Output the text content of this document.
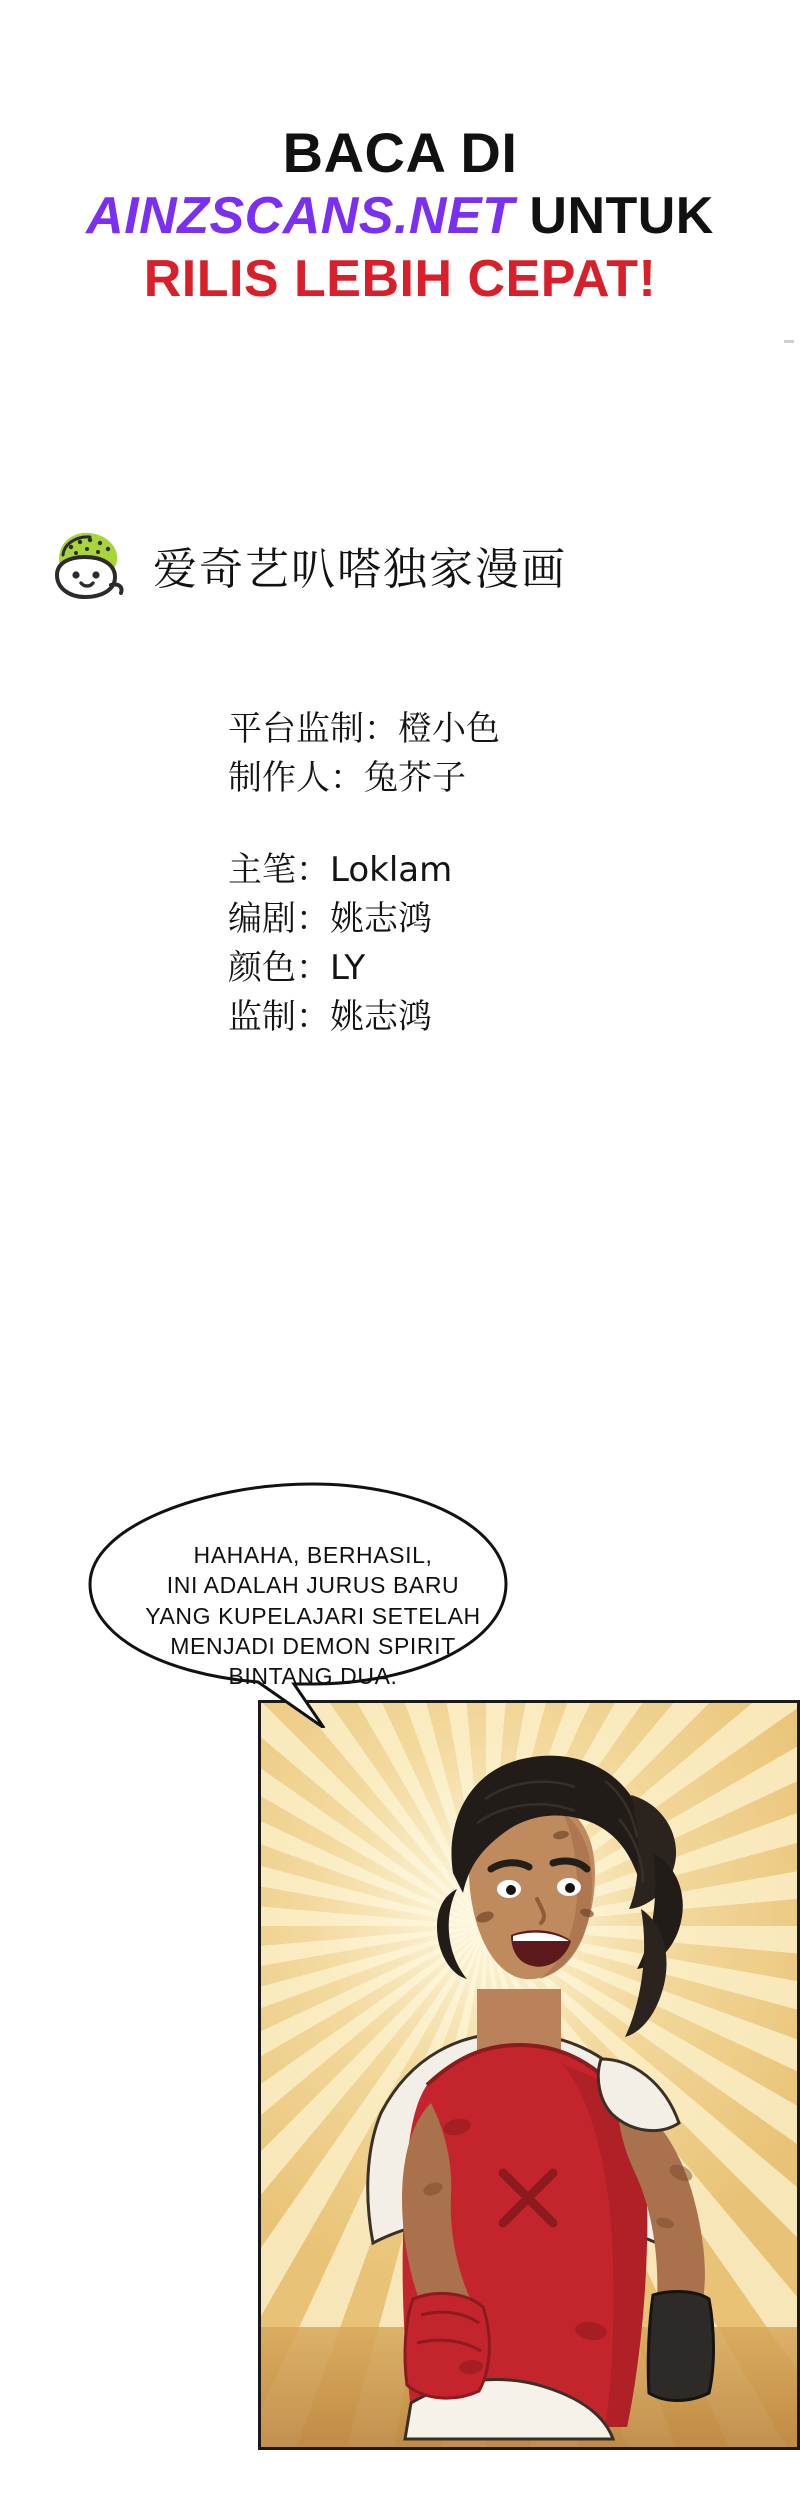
BACA DI
AINZSCANS.NET UNTUK
RILIS LEBIH CEPAT!
爱奇艺叭嗒独家漫画
平台监制：橙小色
制作人：兔芥子
主笔：Loklam
编剧：姚志鸿
颜色：LY
监制：姚志鸿
HAHAHA, BERHASIL,
INI ADALAH JURUS BARU
YANG KUPELAJARI SETELAH
MENJADI DEMON SPIRIT
BINTANG DUA.
